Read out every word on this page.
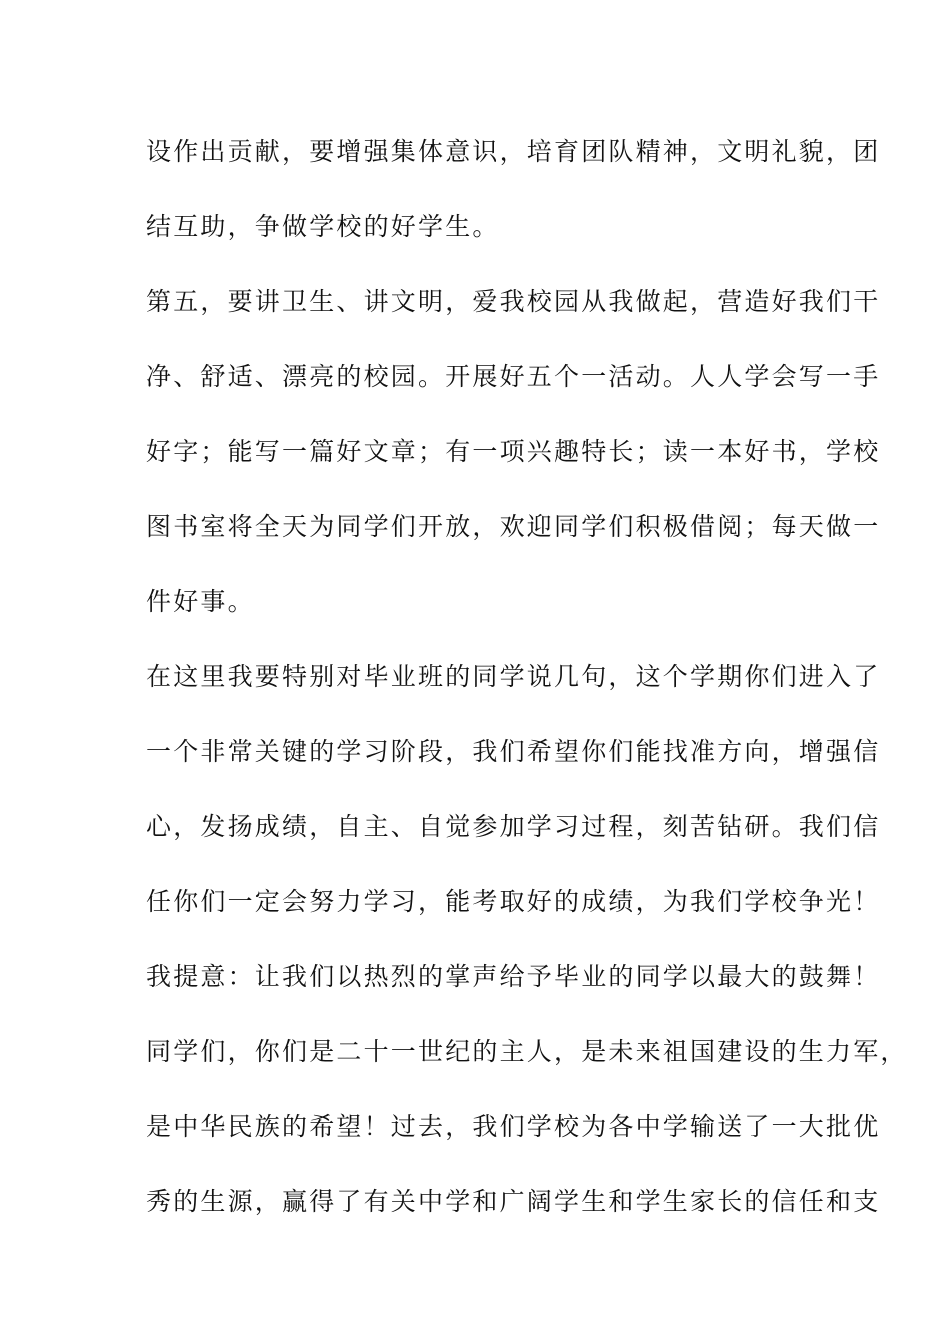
设作出贡献，要增强集体意识，培育团队精神，文明礼貌，团
结互助，争做学校的好学生。
第五，要讲卫生、讲文明，爱我校园从我做起，营造好我们干
净、舒适、漂亮的校园。开展好五个一活动。人人学会写一手
好字；能写一篇好文章；有一项兴趣特长；读一本好书，学校
图书室将全天为同学们开放，欢迎同学们积极借阅；每天做一
件好事。
在这里我要特别对毕业班的同学说几句，这个学期你们进入了
一个非常关键的学习阶段，我们希望你们能找准方向，增强信
心，发扬成绩，自主、自觉参加学习过程，刻苦钻研。我们信
任你们一定会努力学习，能考取好的成绩，为我们学校争光！
我提意：让我们以热烈的掌声给予毕业的同学以最大的鼓舞！
同学们，你们是二十一世纪的主人，是未来祖国建设的生力军，
是中华民族的希望！过去，我们学校为各中学输送了一大批优
秀的生源，赢得了有关中学和广阔学生和学生家长的信任和支
